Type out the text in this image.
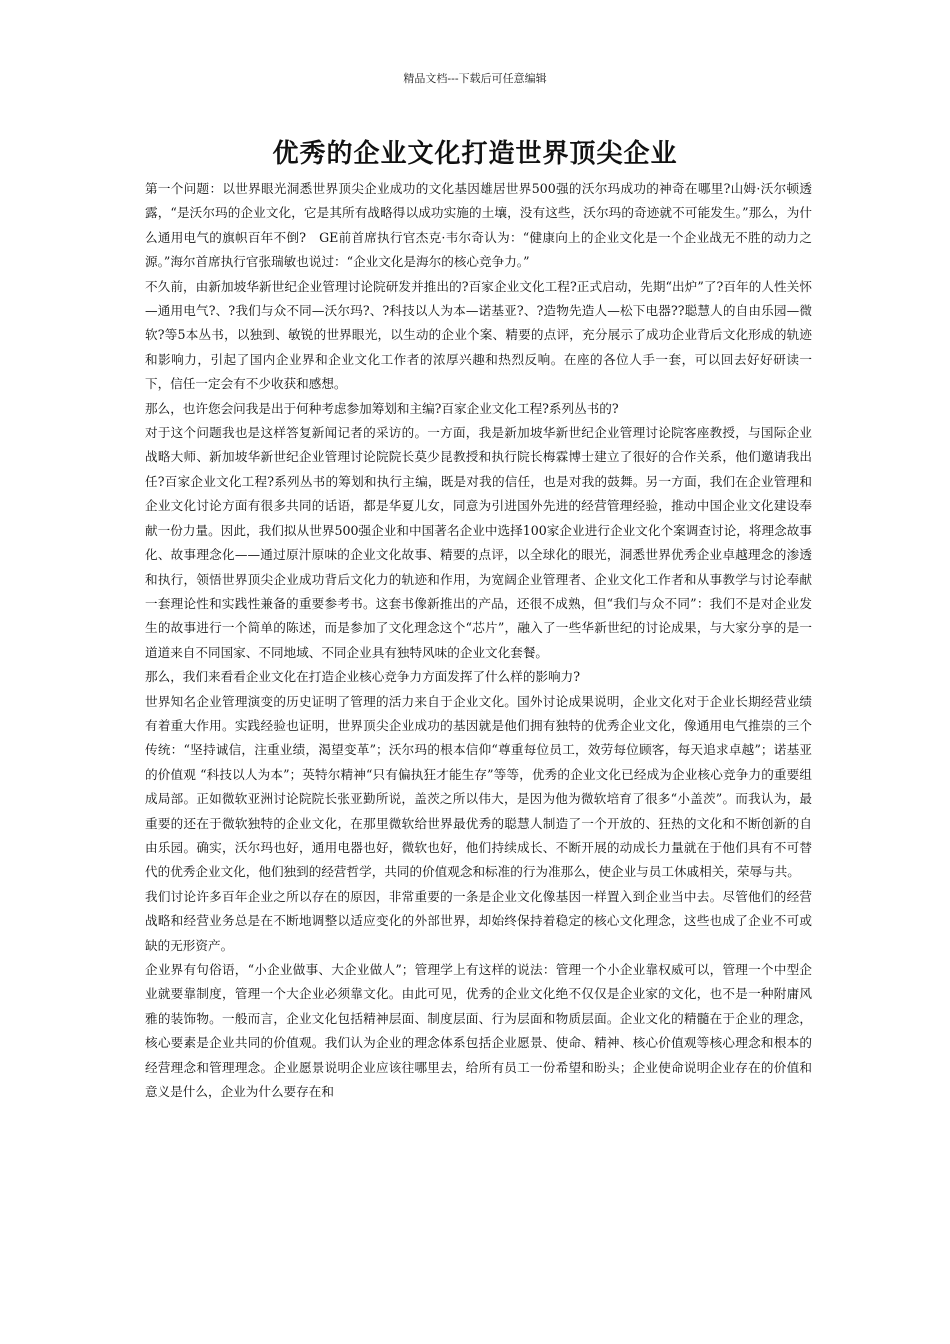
精品文档---下载后可任意编辑
优秀的企业文化打造世界顶尖企业

第一个问题：以世界眼光洞悉世界顶尖企业成功的文化基因雄居世界500强的沃尔玛成功的神奇在哪里?山姆·沃尔顿透露，“是沃尔玛的企业文化，它是其所有战略得以成功实施的土壤，没有这些，沃尔玛的奇迹就不可能发生。”那么，为什么通用电气的旗帜百年不倒?　GE前首席执行官杰克·韦尔奇认为：“健康向上的企业文化是一个企业战无不胜的动力之源。”海尔首席执行官张瑞敏也说过：“企业文化是海尔的核心竞争力。”

不久前，由新加坡华新世纪企业管理讨论院研发并推出的?百家企业文化工程?正式启动，先期“出炉”了?百年的人性关怀—通用电气?、?我们与众不同—沃尔玛?、?科技以人为本—诺基亚?、?造物先造人—松下电器??聪慧人的自由乐园—微软?等5本丛书，以独到、敏锐的世界眼光，以生动的企业个案、精要的点评，充分展示了成功企业背后文化形成的轨迹和影响力，引起了国内企业界和企业文化工作者的浓厚兴趣和热烈反响。在座的各位人手一套，可以回去好好研读一下，信任一定会有不少收获和感想。

那么，也许您会问我是出于何种考虑参加筹划和主编?百家企业文化工程?系列丛书的?

对于这个问题我也是这样答复新闻记者的采访的。一方面，我是新加坡华新世纪企业管理讨论院客座教授，与国际企业战略大师、新加坡华新世纪企业管理讨论院院长莫少昆教授和执行院长梅霖博士建立了很好的合作关系，他们邀请我出任?百家企业文化工程?系列丛书的筹划和执行主编，既是对我的信任，也是对我的鼓舞。另一方面，我们在企业管理和企业文化讨论方面有很多共同的话语，都是华夏儿女，同意为引进国外先进的经营管理经验，推动中国企业文化建设奉献一份力量。因此，我们拟从世界500强企业和中国著名企业中选择100家企业进行企业文化个案调查讨论，将理念故事化、故事理念化——通过原汁原味的企业文化故事、精要的点评，以全球化的眼光，洞悉世界优秀企业卓越理念的渗透和执行，领悟世界顶尖企业成功背后文化力的轨迹和作用，为宽阔企业管理者、企业文化工作者和从事教学与讨论奉献一套理论性和实践性兼备的重要参考书。这套书像新推出的产品，还很不成熟，但“我们与众不同”：我们不是对企业发生的故事进行一个简单的陈述，而是参加了文化理念这个“芯片”，融入了一些华新世纪的讨论成果，与大家分享的是一道道来自不同国家、不同地域、不同企业具有独特风味的企业文化套餐。

那么，我们来看看企业文化在打造企业核心竞争力方面发挥了什么样的影响力?

世界知名企业管理演变的历史证明了管理的活力来自于企业文化。国外讨论成果说明，企业文化对于企业长期经营业绩有着重大作用。实践经验也证明，世界顶尖企业成功的基因就是他们拥有独特的优秀企业文化，像通用电气推崇的三个传统：“坚持诚信，注重业绩，渴望变革”；沃尔玛的根本信仰“尊重每位员工，效劳每位顾客，每天追求卓越”；诺基亚的价值观 “科技以人为本”；英特尔精神“只有偏执狂才能生存”等等，优秀的企业文化已经成为企业核心竞争力的重要组成局部。正如微软亚洲讨论院院长张亚勤所说，盖茨之所以伟大，是因为他为微软培育了很多“小盖茨”。而我认为，最重要的还在于微软独特的企业文化，在那里微软给世界最优秀的聪慧人制造了一个开放的、狂热的文化和不断创新的自由乐园。确实，沃尔玛也好，通用电器也好，微软也好，他们持续成长、不断开展的动成长力量就在于他们具有不可替代的优秀企业文化，他们独到的经营哲学，共同的价值观念和标准的行为准那么，使企业与员工休戚相关，荣辱与共。

我们讨论许多百年企业之所以存在的原因，非常重要的一条是企业文化像基因一样置入到企业当中去。尽管他们的经营战略和经营业务总是在不断地调整以适应变化的外部世界，却始终保持着稳定的核心文化理念，这些也成了企业不可或缺的无形资产。

企业界有句俗语，“小企业做事、大企业做人”；管理学上有这样的说法：管理一个小企业靠权威可以，管理一个中型企业就要靠制度，管理一个大企业必须靠文化。由此可见，优秀的企业文化绝不仅仅是企业家的文化，也不是一种附庸风雅的装饰物。一般而言，企业文化包括精神层面、制度层面、行为层面和物质层面。企业文化的精髓在于企业的理念，核心要素是企业共同的价值观。我们认为企业的理念体系包括企业愿景、使命、精神、核心价值观等核心理念和根本的经营理念和管理理念。企业愿景说明企业应该往哪里去，给所有员工一份希望和盼头；企业使命说明企业存在的价值和意义是什么，企业为什么要存在和
